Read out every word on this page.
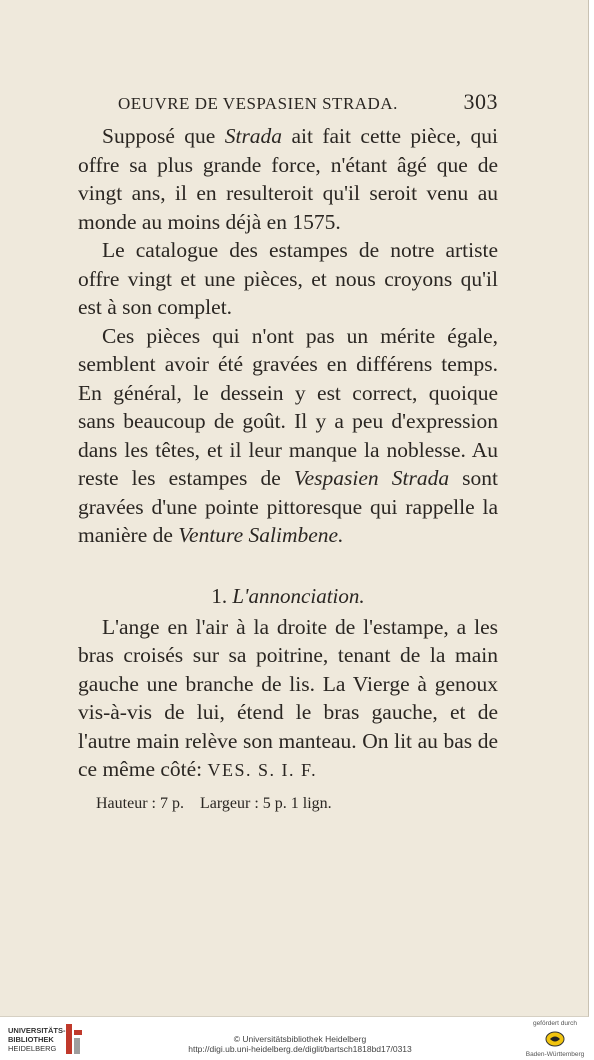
OEUVRE DE VESPASIEN STRADA.	303

Supposé que Strada ait fait cette pièce, qui offre sa plus grande force, n'étant âgé que de vingt ans, il en resulteroit qu'il seroit venu au monde au moins déjà en 1575.

Le catalogue des estampes de notre artiste offre vingt et une pièces, et nous croyons qu'il est à son complet.

Ces pièces qui n'ont pas un mérite égale, semblent avoir été gravées en différens temps. En général, le dessein y est correct, quoique sans beaucoup de goût. Il y a peu d'expression dans les têtes, et il leur manque la noblesse. Au reste les estampes de Vespasien Strada sont gravées d'une pointe pittoresque qui rappelle la manière de Venture Salimbene.

1. L'annonciation.

L'ange en l'air à la droite de l'estampe, a les bras croisés sur sa poitrine, tenant de la main gauche une branche de lis. La Vierge à genoux vis-à-vis de lui, étend le bras gauche, et de l'autre main relève son manteau. On lit au bas de ce même côté: VES. S. I. F.

Hauteur : 7 p. Largeur : 5 p. 1 lign.
UNIVERSITÄTS-
BIBLIOTHEK
HEIDELBERG
© Universitätsbibliothek Heidelberg
http://digi.ub.uni-heidelberg.de/diglit/bartsch1818bd17/0313
gefördert durch
Baden-Württemberg
